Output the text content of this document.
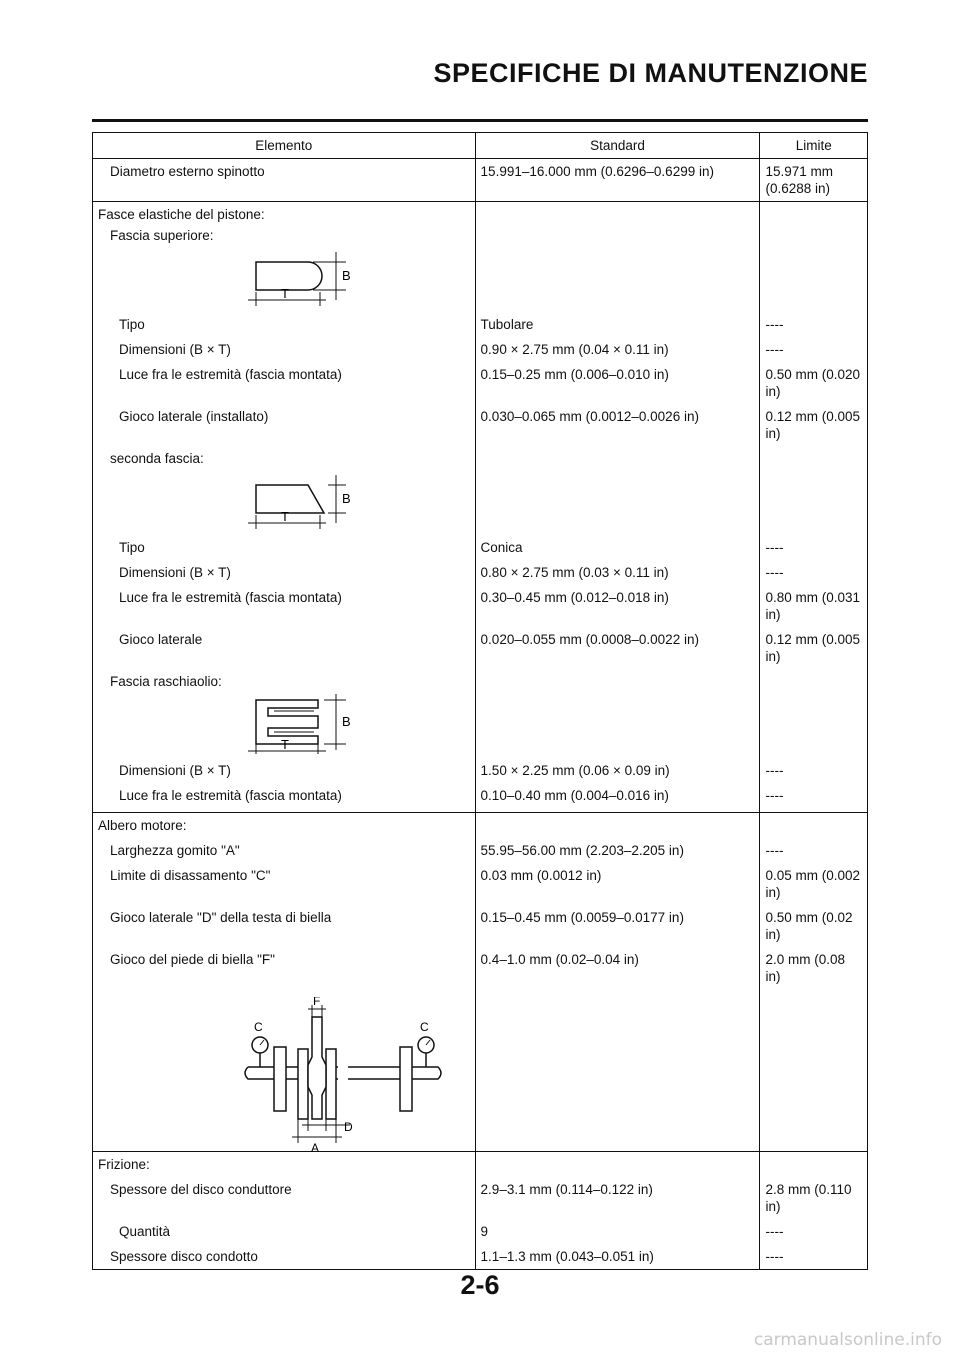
SPECIFICHE DI MANUTENZIONE
Elemento	Standard	Limite

Diametro esterno spinotto	15.991–16.000 mm (0.6296–0.6299 in)	15.971 mm (0.6288 in)
Fasce elastiche del pistone:		

Fascia superiore:		

B
T		

Tipo	Tubolare	----

Dimensioni (B × T)	0.90 × 2.75 mm (0.04 × 0.11 in)	----

Luce fra le estremità (fascia montata)	0.15–0.25 mm (0.006–0.010 in)	0.50 mm (0.020 in)

Gioco laterale (installato)	0.030–0.065 mm (0.0012–0.0026 in)	0.12 mm (0.005 in)

seconda fascia:		

B
T		

Tipo	Conica	----

Dimensioni (B × T)	0.80 × 2.75 mm (0.03 × 0.11 in)	----

Luce fra le estremità (fascia montata)	0.30–0.45 mm (0.012–0.018 in)	0.80 mm (0.031 in)

Gioco laterale	0.020–0.055 mm (0.0008–0.0022 in)	0.12 mm (0.005 in)

Fascia raschiaolio:		

B
T		

Dimensioni (B × T)	1.50 × 2.25 mm (0.06 × 0.09 in)	----

Luce fra le estremità (fascia montata)	0.10–0.40 mm (0.004–0.016 in)	----
Albero motore:		

Larghezza gomito "A"	55.95–56.00 mm (2.203–2.205 in)	----

Limite di disassamento "C"	0.03 mm (0.0012 in)	0.05 mm (0.002 in)

Gioco laterale "D" della testa di biella	0.15–0.45 mm (0.0059–0.0177 in)	0.50 mm (0.02 in)

Gioco del piede di biella "F"	0.4–1.0 mm (0.02–0.04 in)	2.0 mm (0.08 in)

F
C C
D
A		

Frizione:		

Spessore del disco conduttore	2.9–3.1 mm (0.114–0.122 in)	2.8 mm (0.110 in)

Quantità	9	----

Spessore disco condotto	1.1–1.3 mm (0.043–0.051 in)	----
2-6
carmanualsonline.info
